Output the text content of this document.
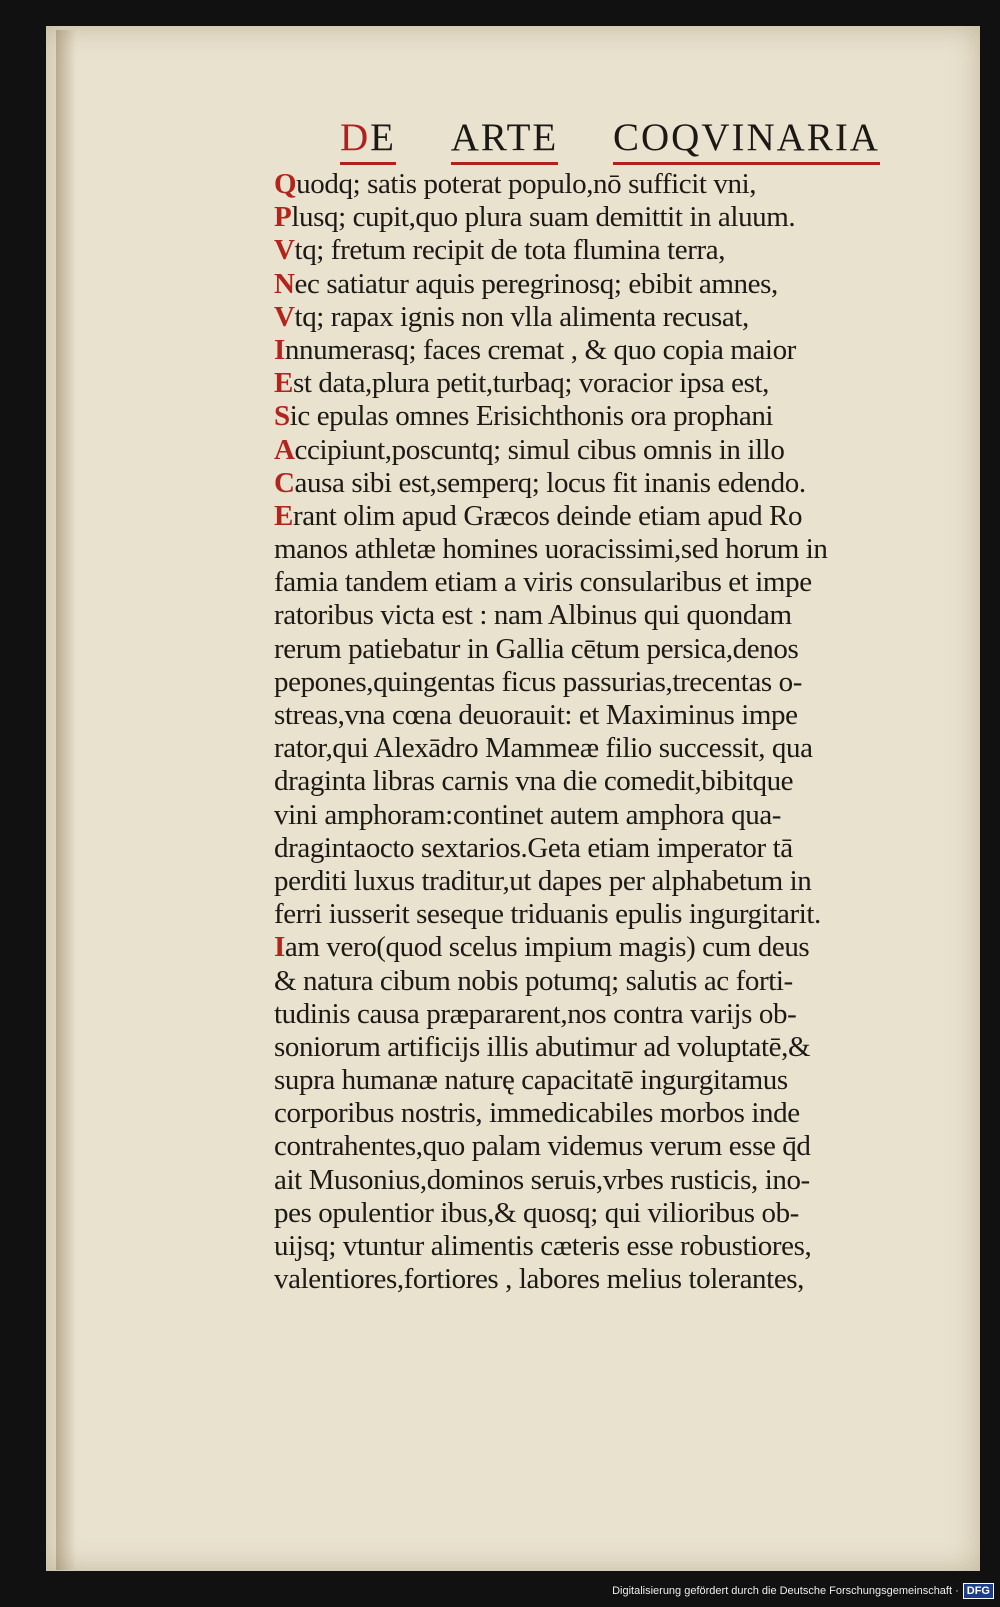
DE ARTE COQVINARIA
Quodq; satis poterat populo,nō sufficit vni,
Plusq; cupit,quo plura suam demittit in aluum.
Vtq; fretum recipit de tota flumina terra,
Nec satiatur aquis peregrinosq; ebibit amnes,
Vtq; rapax ignis non vlla alimenta recusat,
Innumerasq; faces cremat , & quo copia maior
Est data,plura petit,turbaq; voracior ipsa est,
Sic epulas omnes Erisichthonis ora prophani
Accipiunt,poscuntq; simul cibus omnis in illo
Causa sibi est,semperq; locus fit inanis edendo.
Erant olim apud Græcos deinde etiam apud Ro
manos athletæ homines uoracissimi,sed horum in
famia tandem etiam a viris consularibus et impe
ratoribus victa est : nam Albinus qui quondam
rerum patiebatur in Gallia cētum persica,denos
pepones,quingentas ficus passurias,trecentas o-
streas,vna cœna deuorauit: et Maximinus impe
rator,qui Alexādro Mammeæ filio successit, qua
draginta libras carnis vna die comedit,bibitque
vini amphoram:continet autem amphora qua-
dragintaocto sextarios.Geta etiam imperator tā
perditi luxus traditur,ut dapes per alphabetum in
ferri iusserit seseque triduanis epulis ingurgitarit.
Iam vero(quod scelus impium magis) cum deus
& natura cibum nobis potumq; salutis ac forti-
tudinis causa præpararent,nos contra varijs ob-
soniorum artificijs illis abutimur ad voluptatē,&
supra humanæ naturę capacitatē ingurgitamus
corporibus nostris, immedicabiles morbos inde
contrahentes,quo palam videmus verum esse q̄d
ait Musonius,dominos seruis,vrbes rusticis, ino-
pes opulentior ibus,& quosq; qui vilioribus ob-
uijsq; vtuntur alimentis cæteris esse robustiores,
valentiores,fortiores , labores melius tolerantes,
Digitalisierung gefördert durch die Deutsche Forschungsgemeinschaft · DFG
